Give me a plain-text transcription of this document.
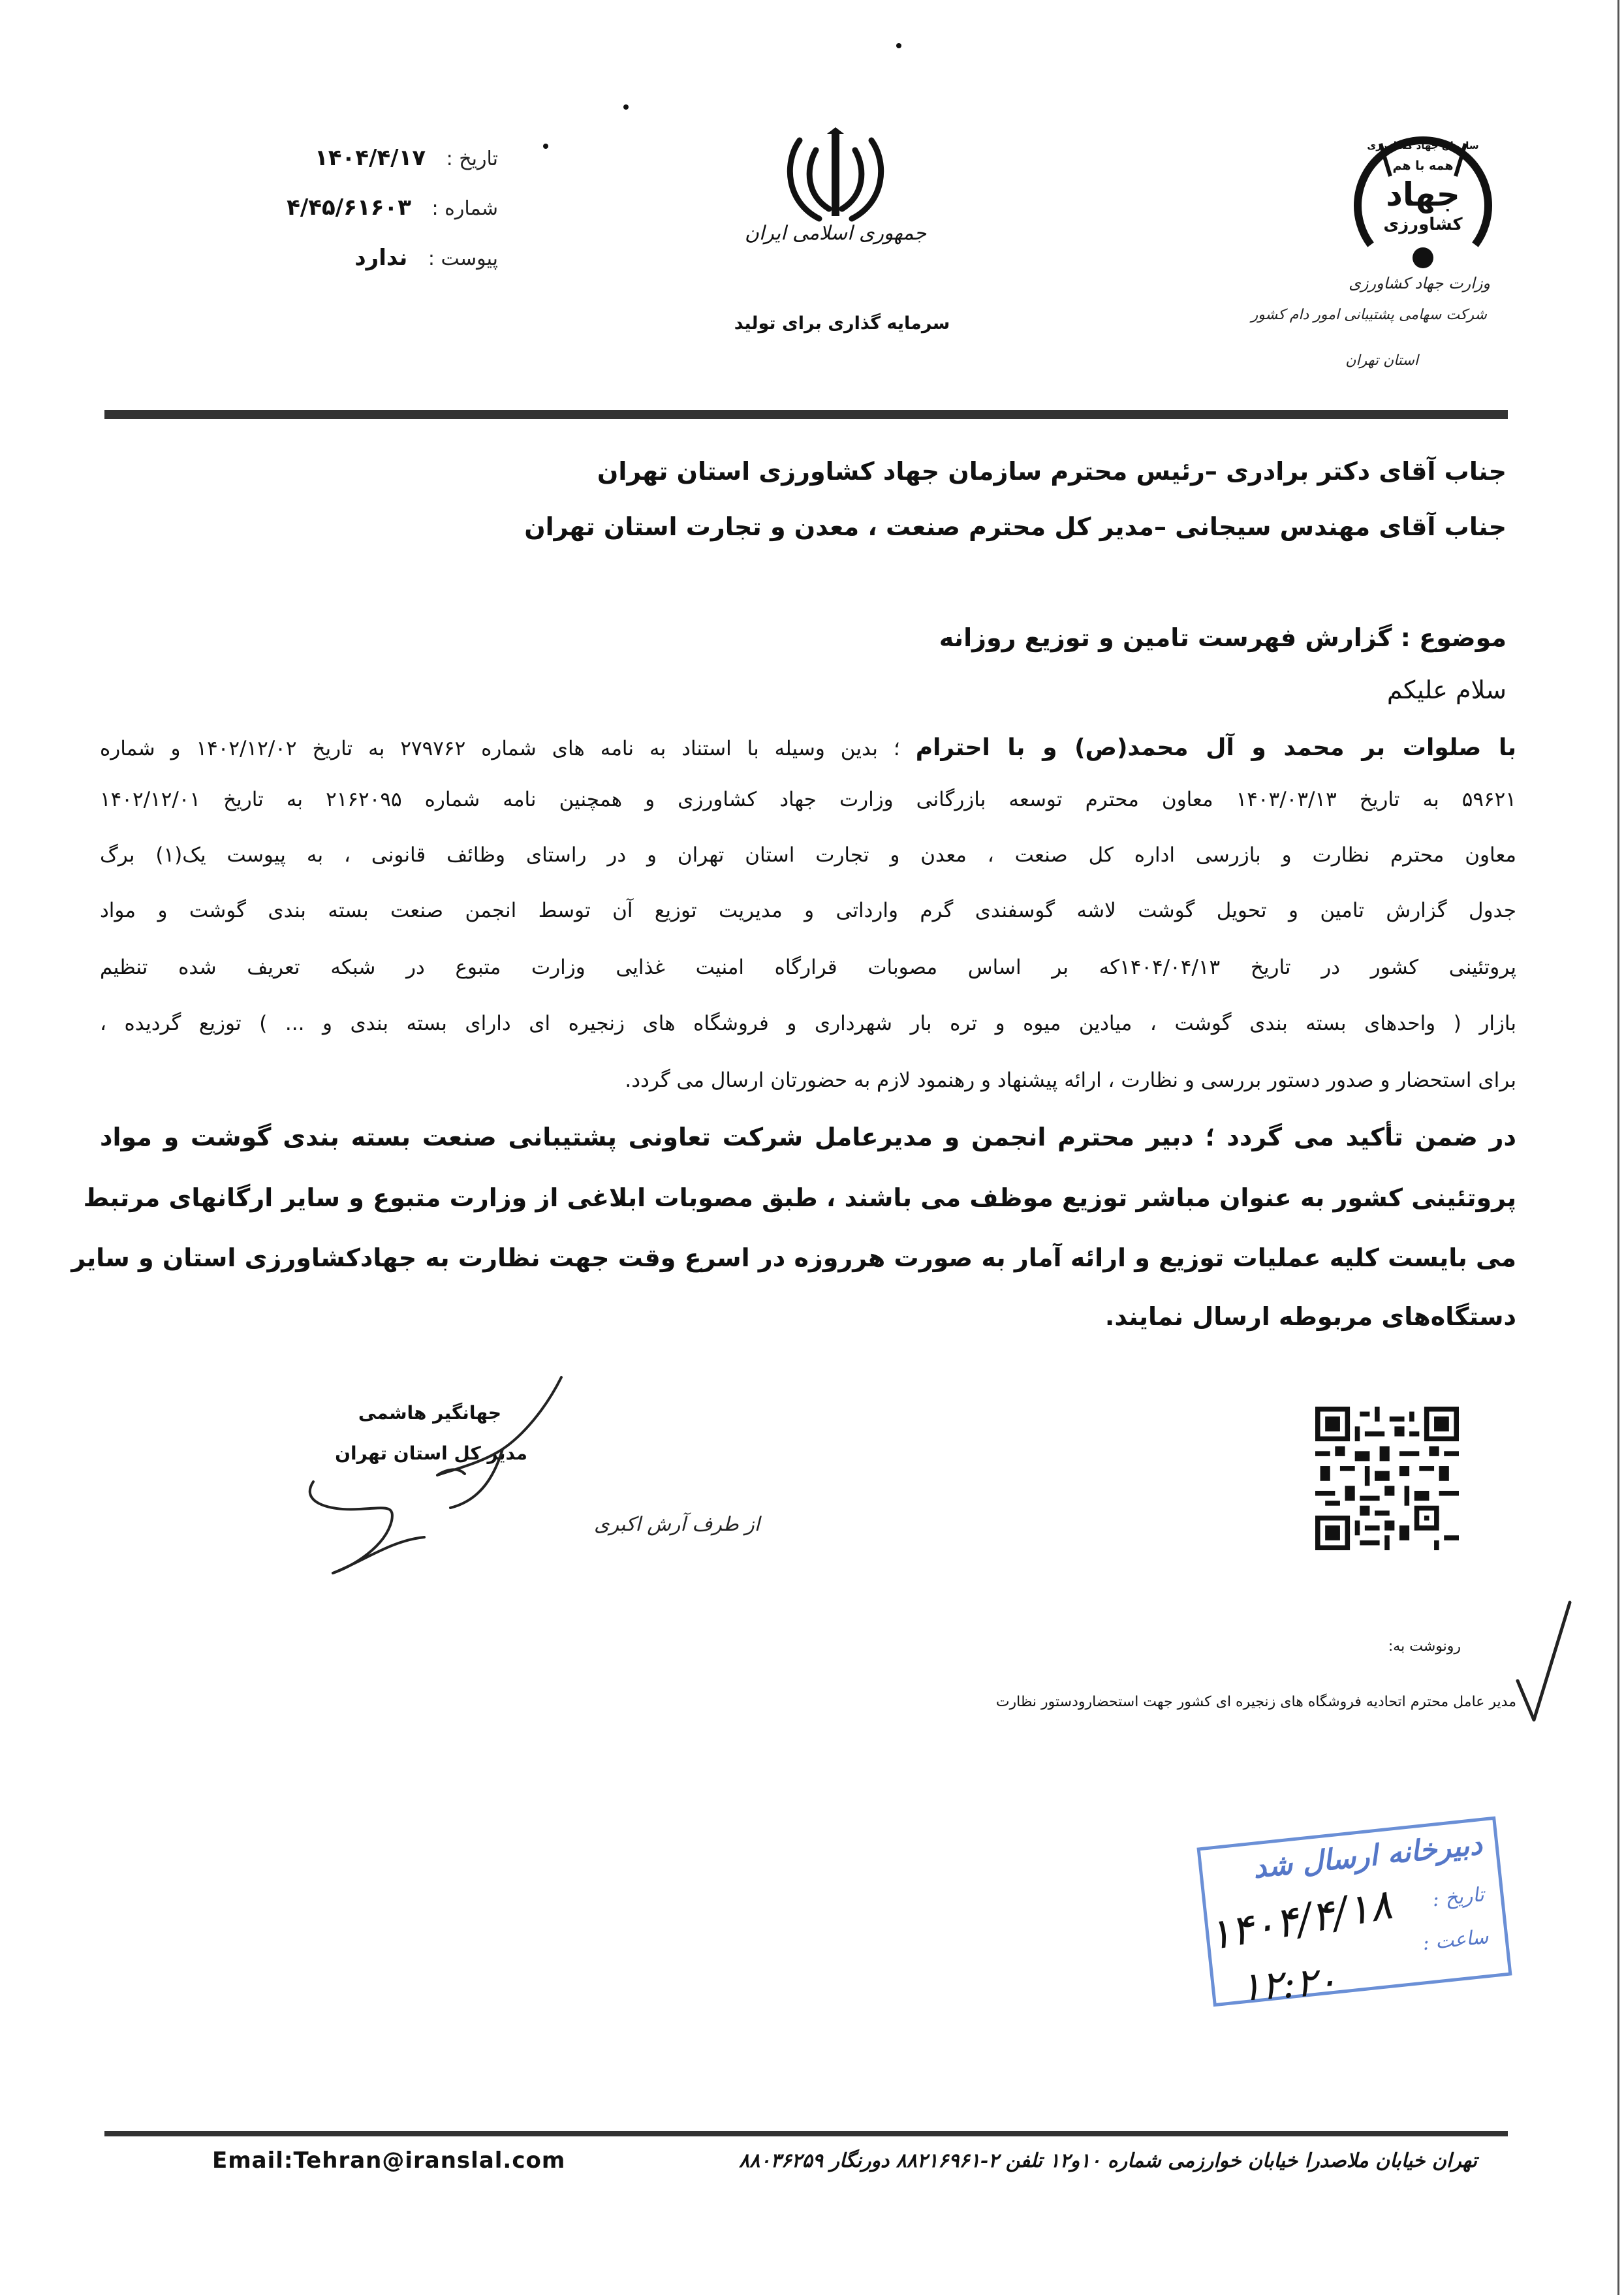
تاریخ : ۱۴۰۴/۴/۱۷
شماره : ۴/۴۵/۶۱۶۰۳
پیوست : ندارد
جمهوری اسلامی ایران
سرمایه گذاری برای تولید
سازمان جهاد کشاورزی
همه با هم
جهاد
کشاورزی
وزارت جهاد کشاورزی
شرکت سهامی پشتیبانی امور دام کشور
استان تهران
جناب آقای دکتر برادری –رئیس محترم سازمان جهاد کشاورزی استان تهران
جناب آقای مهندس سیجانی –مدیر کل محترم صنعت ، معدن و تجارت استان تهران
موضوع : گزارش فهرست تامین و توزیع روزانه
سلام علیکم
با صلوات بر محمد و آل محمد(ص) و با احترام ؛ بدین وسیله با استناد به نامه های شماره ۲۷۹۷۶۲ به تاریخ ۱۴۰۲/۱۲/۰۲ و شماره
۵۹۶۲۱ به تاریخ ۱۴۰۳/۰۳/۱۳ معاون محترم توسعه بازرگانی وزارت جهاد کشاورزی و همچنین نامه شماره ۲۱۶۲۰۹۵ به تاریخ ۱۴۰۲/۱۲/۰۱
معاون محترم نظارت و بازرسی اداره کل صنعت ، معدن و تجارت استان تهران و در راستای وظائف قانونی ، به پیوست یک(۱) برگ
جدول گزارش تامین و تحویل گوشت لاشه گوسفندی گرم وارداتی و مدیریت توزیع آن توسط انجمن صنعت بسته بندی گوشت و مواد
پروتئینی کشور در تاریخ ۱۴۰۴/۰۴/۱۳که بر اساس مصوبات قرارگاه امنیت غذایی وزارت متبوع در شبکه تعریف شده تنظیم
بازار ( واحدهای بسته بندی گوشت ، میادین میوه و تره بار شهرداری و فروشگاه های زنجیره ای دارای بسته بندی و ... ) توزیع گردیده ،
برای استحضار و صدور دستور بررسی و نظارت ، ارائه پیشنهاد و رهنمود لازم به حضورتان ارسال می گردد.
در ضمن تأکید می گردد ؛ دبیر محترم انجمن و مدیرعامل شرکت تعاونی پشتیبانی صنعت بسته بندی گوشت و مواد
پروتئینی کشور به عنوان مباشر توزیع موظف می باشند ، طبق مصوبات ابلاغی از وزارت متبوع و سایر ارگانهای مرتبط
می بایست کلیه عملیات توزیع و ارائه آمار به صورت هرروزه در اسرع وقت جهت نظارت به جهادکشاورزی استان و سایر
دستگاه‌های مربوطه ارسال نمایند.
جهانگیر هاشمی
مدیر کل استان تهران
از طرف آرش اکبری
رونوشت به:
مدیر عامل محترم اتحادیه فروشگاه های زنجیره ای کشور جهت استحضارودستور نظارت
دبیرخانه ارسال شد
تاریخ :
ساعت :
۱۴۰۴/۴/۱۸
۱۲:۲۰
Email:Tehran@iranslal.com	تهران خیابان ملاصدرا خیابان خوارزمی شماره ۱۰و۱۲ تلفن ۲-۸۸۲۱۶۹۶۱ دورنگار ۸۸۰۳۶۲۵۹
